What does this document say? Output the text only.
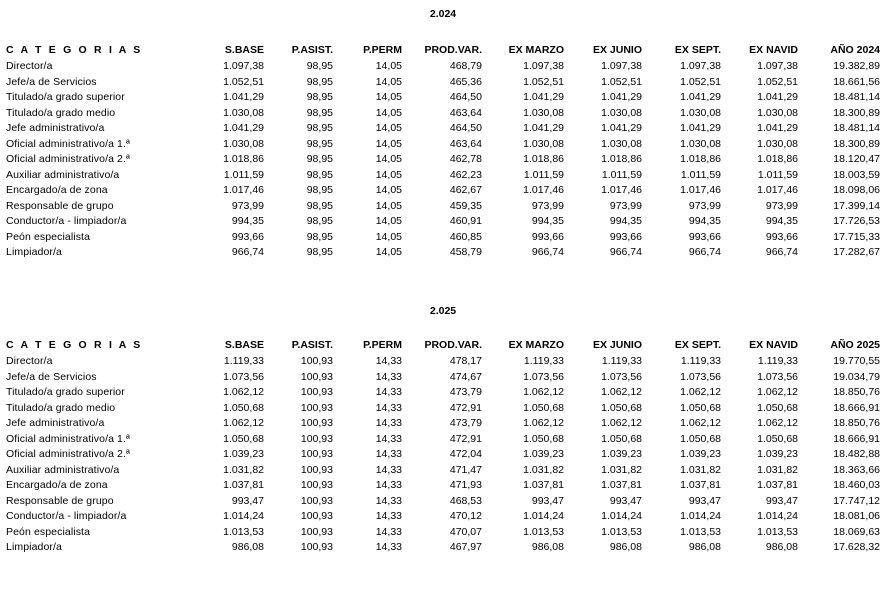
2.024
C A T E G O R I A S	S.BASE	P.ASIST.	P.PERM	PROD.VAR.	EX MARZO	EX JUNIO	EX SEPT.	EX NAVID	AÑO 2024
Director/a	1.097,38	98,95	14,05	468,79	1.097,38	1.097,38	1.097,38	1.097,38	19.382,89
Jefe/a de Servicios	1.052,51	98,95	14,05	465,36	1.052,51	1.052,51	1.052,51	1.052,51	18.661,56
Titulado/a grado superior	1.041,29	98,95	14,05	464,50	1.041,29	1.041,29	1.041,29	1.041,29	18.481,14
Titulado/a grado medio	1.030,08	98,95	14,05	463,64	1.030,08	1.030,08	1.030,08	1.030,08	18.300,89
Jefe administrativo/a	1.041,29	98,95	14,05	464,50	1.041,29	1.041,29	1.041,29	1.041,29	18.481,14
Oficial administrativo/a 1.ª	1.030,08	98,95	14,05	463,64	1.030,08	1.030,08	1.030,08	1.030,08	18.300,89
Oficial administrativo/a 2.ª	1.018,86	98,95	14,05	462,78	1.018,86	1.018,86	1.018,86	1.018,86	18.120,47
Auxiliar administrativo/a	1.011,59	98,95	14,05	462,23	1.011,59	1.011,59	1.011,59	1.011,59	18.003,59
Encargado/a de zona	1.017,46	98,95	14,05	462,67	1.017,46	1.017,46	1.017,46	1.017,46	18.098,06
Responsable de grupo	973,99	98,95	14,05	459,35	973,99	973,99	973,99	973,99	17.399,14
Conductor/a - limpiador/a	994,35	98,95	14,05	460,91	994,35	994,35	994,35	994,35	17.726,53
Peón especialista	993,66	98,95	14,05	460,85	993,66	993,66	993,66	993,66	17.715,33
Limpiador/a	966,74	98,95	14,05	458,79	966,74	966,74	966,74	966,74	17.282,67
2.025
C A T E G O R I A S	S.BASE	P.ASIST.	P.PERM	PROD.VAR.	EX MARZO	EX JUNIO	EX SEPT.	EX NAVID	AÑO 2025
Director/a	1.119,33	100,93	14,33	478,17	1.119,33	1.119,33	1.119,33	1.119,33	19.770,55
Jefe/a de Servicios	1.073,56	100,93	14,33	474,67	1.073,56	1.073,56	1.073,56	1.073,56	19.034,79
Titulado/a grado superior	1.062,12	100,93	14,33	473,79	1.062,12	1.062,12	1.062,12	1.062,12	18.850,76
Titulado/a grado medio	1.050,68	100,93	14,33	472,91	1.050,68	1.050,68	1.050,68	1.050,68	18.666,91
Jefe administrativo/a	1.062,12	100,93	14,33	473,79	1.062,12	1.062,12	1.062,12	1.062,12	18.850,76
Oficial administrativo/a 1.ª	1.050,68	100,93	14,33	472,91	1.050,68	1.050,68	1.050,68	1.050,68	18.666,91
Oficial administrativo/a 2.ª	1.039,23	100,93	14,33	472,04	1.039,23	1.039,23	1.039,23	1.039,23	18.482,88
Auxiliar administrativo/a	1.031,82	100,93	14,33	471,47	1.031,82	1.031,82	1.031,82	1.031,82	18.363,66
Encargado/a de zona	1.037,81	100,93	14,33	471,93	1.037,81	1.037,81	1.037,81	1.037,81	18.460,03
Responsable de grupo	993,47	100,93	14,33	468,53	993,47	993,47	993,47	993,47	17.747,12
Conductor/a - limpiador/a	1.014,24	100,93	14,33	470,12	1.014,24	1.014,24	1.014,24	1.014,24	18.081,06
Peón especialista	1.013,53	100,93	14,33	470,07	1.013,53	1.013,53	1.013,53	1.013,53	18.069,63
Limpiador/a	986,08	100,93	14,33	467,97	986,08	986,08	986,08	986,08	17.628,32
